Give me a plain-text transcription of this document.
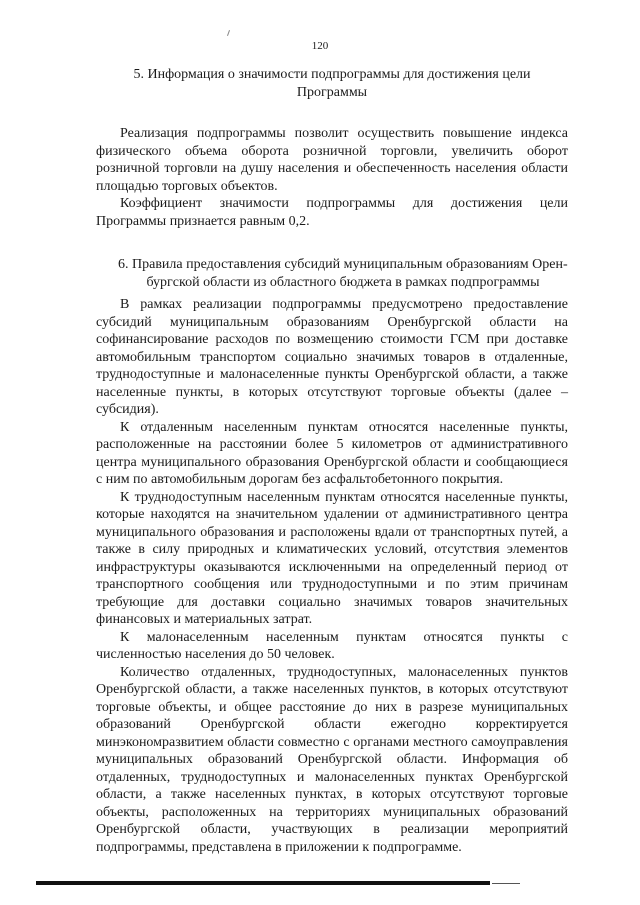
120

5. Информация о значимости подпрограммы для достижения цели
Программы

Реализация подпрограммы позволит осуществить повышение индекса физического объема оборота розничной торговли, увеличить оборот розничной торговли на душу населения и обеспеченность населения области площадью торговых объектов.

Коэффициент значимости подпрограммы для достижения цели Программы признается равным 0,2.

6. Правила предоставления субсидий муниципальным образованиям Орен-
бургской области из областного бюджета в рамках подпрограммы

В рамках реализации подпрограммы предусмотрено предоставление субсидий муниципальным образованиям Оренбургской области на софинансирование расходов по возмещению стоимости ГСМ при доставке автомобильным транспортом социально значимых товаров в отдаленные, труднодоступные и малонаселенные пункты Оренбургской области, а также населенные пункты, в которых отсутствуют торговые объекты (далее – субсидия).

К отдаленным населенным пунктам относятся населенные пункты, расположенные на расстоянии более 5 километров от административного центра муниципального образования Оренбургской области и сообщающиеся с ним по автомобильным дорогам без асфальтобетонного покрытия.

К труднодоступным населенным пунктам относятся населенные пункты, которые находятся на значительном удалении от административного центра муниципального образования и расположены вдали от транспортных путей, а также в силу природных и климатических условий, отсутствия элементов инфраструктуры оказываются исключенными на определенный период от транспортного сообщения или труднодоступными и по этим причинам требующие для доставки социально значимых товаров значительных финансовых и материальных затрат.

К малонаселенным населенным пунктам относятся пункты с численностью населения до 50 человек.

Количество отдаленных, труднодоступных, малонаселенных пунктов Оренбургской области, а также населенных пунктов, в которых отсутствуют торговые объекты, и общее расстояние до них в разрезе муниципальных образований Оренбургской области ежегодно корректируется минэкономразвитием области совместно с органами местного самоуправления муниципальных образований Оренбургской области. Информация об отдаленных, труднодоступных и малонаселенных пунктах Оренбургской области, а также населенных пунктах, в которых отсутствуют торговые объекты, расположенных на территориях муниципальных образований Оренбургской области, участвующих в реализации мероприятий подпрограммы, представлена в приложении к подпрограмме.
